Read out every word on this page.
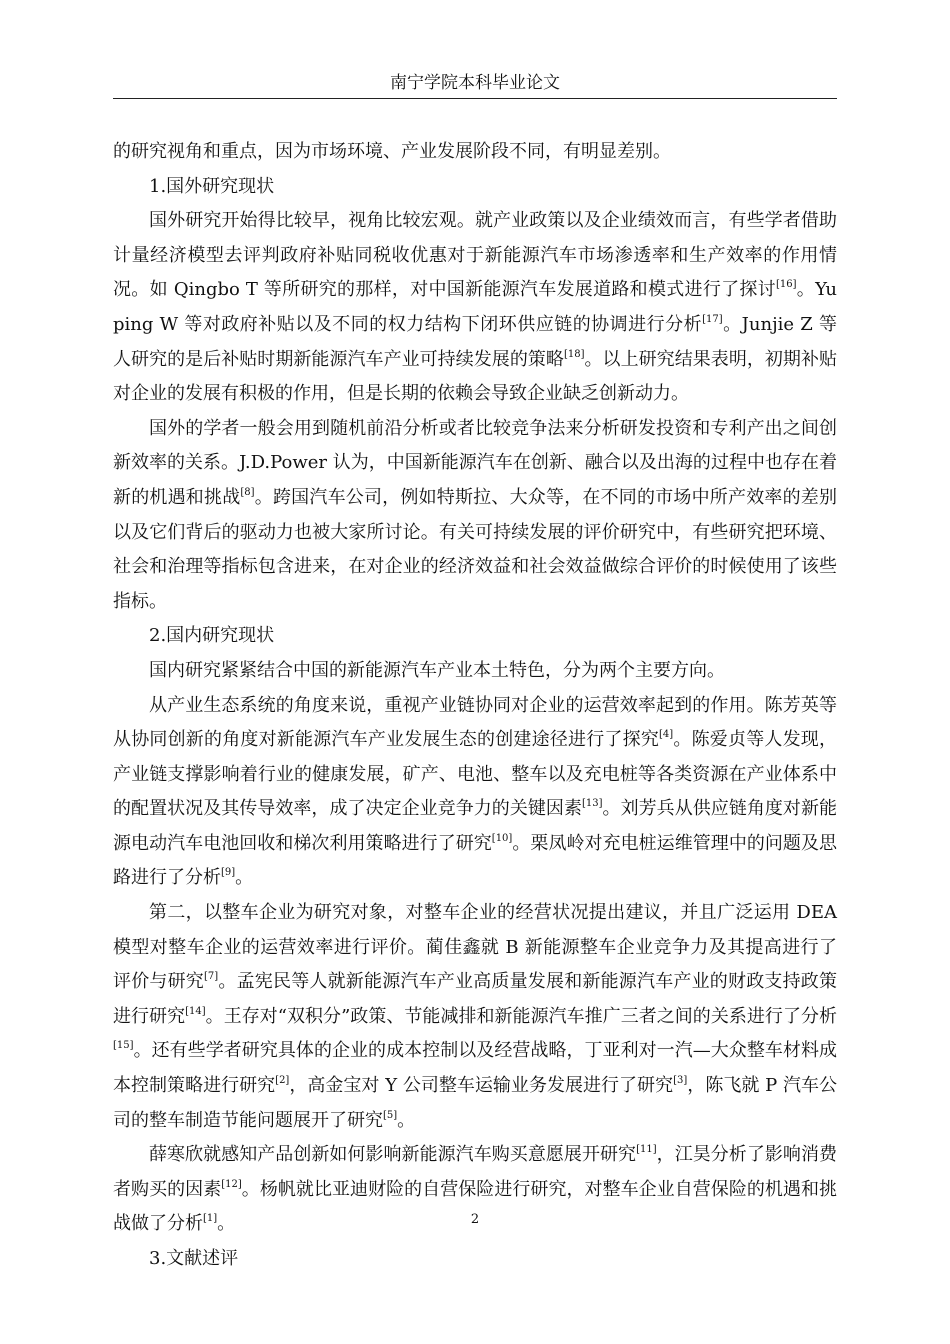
南宁学院本科毕业论文

的研究视角和重点，因为市场环境、产业发展阶段不同，有明显差别。

1.国外研究现状

国外研究开始得比较早，视角比较宏观。就产业政策以及企业绩效而言，有些学者借助计量经济模型去评判政府补贴同税收优惠对于新能源汽车市场渗透率和生产效率的作用情况。如 Qingbo T 等所研究的那样，对中国新能源汽车发展道路和模式进行了探讨[16]。Yuping W 等对政府补贴以及不同的权力结构下闭环供应链的协调进行分析[17]。Junjie Z 等人研究的是后补贴时期新能源汽车产业可持续发展的策略[18]。以上研究结果表明，初期补贴对企业的发展有积极的作用，但是长期的依赖会导致企业缺乏创新动力。

国外的学者一般会用到随机前沿分析或者比较竞争法来分析研发投资和专利产出之间创新效率的关系。J.D.Power 认为，中国新能源汽车在创新、融合以及出海的过程中也存在着新的机遇和挑战[8]。跨国汽车公司，例如特斯拉、大众等，在不同的市场中所产效率的差别以及它们背后的驱动力也被大家所讨论。有关可持续发展的评价研究中，有些研究把环境、社会和治理等指标包含进来，在对企业的经济效益和社会效益做综合评价的时候使用了该些指标。

2.国内研究现状

国内研究紧紧结合中国的新能源汽车产业本土特色，分为两个主要方向。

从产业生态系统的角度来说，重视产业链协同对企业的运营效率起到的作用。陈芳英等从协同创新的角度对新能源汽车产业发展生态的创建途径进行了探究[4]。陈爱贞等人发现，产业链支撑影响着行业的健康发展，矿产、电池、整车以及充电桩等各类资源在产业体系中的配置状况及其传导效率，成了决定企业竞争力的关键因素[13]。刘芳兵从供应链角度对新能源电动汽车电池回收和梯次利用策略进行了研究[10]。栗凤岭对充电桩运维管理中的问题及思路进行了分析[9]。

第二，以整车企业为研究对象，对整车企业的经营状况提出建议，并且广泛运用 DEA 模型对整车企业的运营效率进行评价。蔺佳鑫就 B 新能源整车企业竞争力及其提高进行了评价与研究[7]。孟宪民等人就新能源汽车产业高质量发展和新能源汽车产业的财政支持政策进行研究[14]。王存对“双积分”政策、节能减排和新能源汽车推广三者之间的关系进行了分析[15]。还有些学者研究具体的企业的成本控制以及经营战略，丁亚利对一汽—大众整车材料成本控制策略进行研究[2]，高金宝对 Y 公司整车运输业务发展进行了研究[3]，陈飞就 P 汽车公司的整车制造节能问题展开了研究[5]。

薛寒欣就感知产品创新如何影响新能源汽车购买意愿展开研究[11]，江昊分析了影响消费者购买的因素[12]。杨帆就比亚迪财险的自营保险进行研究，对整车企业自营保险的机遇和挑战做了分析[1]。

3.文献述评

2
